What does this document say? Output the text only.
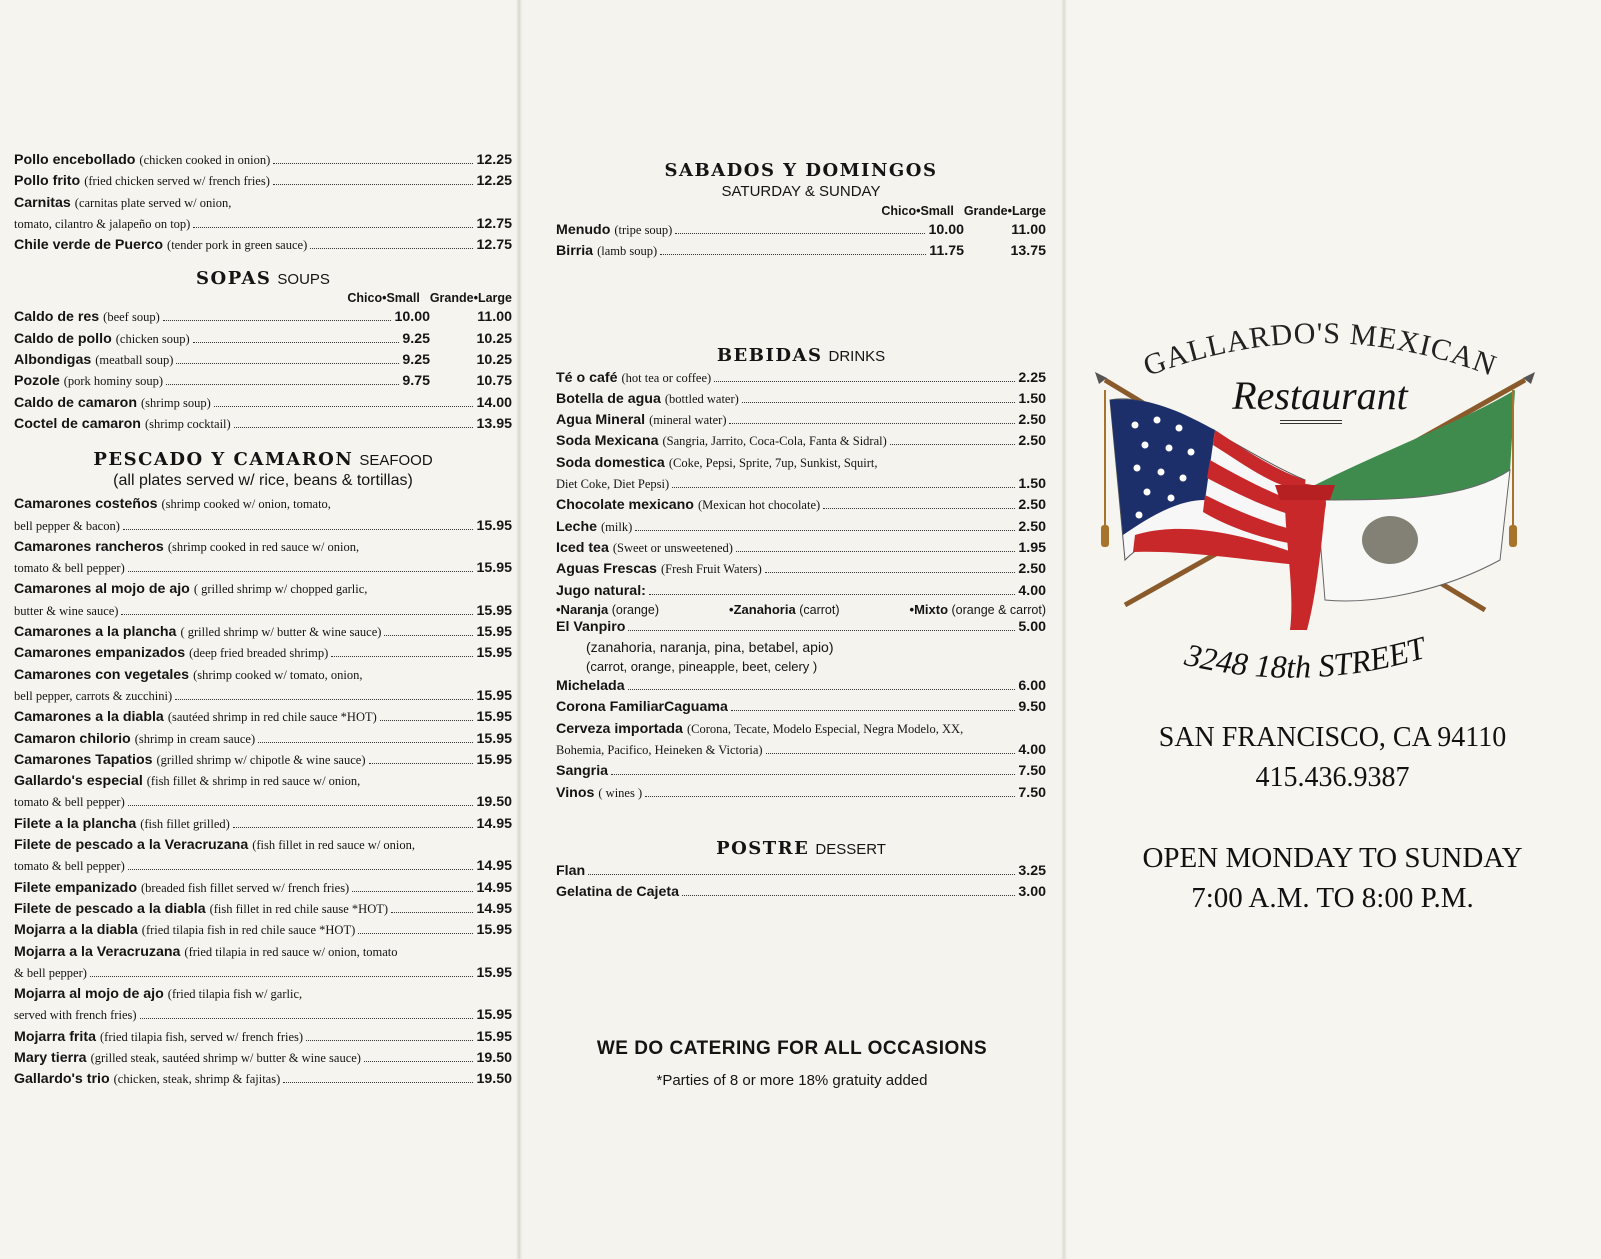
Pollo encebollado (chicken cooked in onion)	12.25
Pollo frito (fried chicken served w/ french fries)	12.25
Carnitas (carnitas plate served w/ onion,
tomato, cilantro & jalapeño on top)	12.75
Chile verde de Puerco (tender pork in green sauce)	12.75
SOPAS SOUPS
Chico•Small Grande•Large
Caldo de res (beef soup)	10.00	11.00
Caldo de pollo (chicken soup)	9.25	10.25
Albondigas (meatball soup)	9.25	10.25
Pozole (pork hominy soup)	9.75	10.75
Caldo de camaron (shrimp soup)	14.00
Coctel de camaron (shrimp cocktail)	13.95
PESCADO Y CAMARON SEAFOOD
(all plates served w/ rice, beans & tortillas)
Camarones costeños (shrimp cooked w/ onion, tomato,
bell pepper & bacon)	15.95
Camarones rancheros (shrimp cooked in red sauce w/ onion,
tomato & bell pepper)	15.95
Camarones al mojo de ajo ( grilled shrimp w/ chopped garlic,
butter & wine sauce)	15.95
Camarones a la plancha ( grilled shrimp w/ butter & wine sauce)	15.95
Camarones empanizados (deep fried breaded shrimp)	15.95
Camarones con vegetales (shrimp cooked w/ tomato, onion,
bell pepper, carrots & zucchini)	15.95
Camarones a la diabla (sautéed shrimp in red chile sauce *HOT)	15.95
Camaron chilorio (shrimp in cream sauce)	15.95
Camarones Tapatios (grilled shrimp w/ chipotle & wine sauce)	15.95
Gallardo's especial (fish fillet & shrimp in red sauce w/ onion,
tomato & bell pepper)	19.50
Filete a la plancha (fish fillet grilled)	14.95
Filete de pescado a la Veracruzana (fish fillet in red sauce w/ onion,
tomato & bell pepper)	14.95
Filete empanizado (breaded fish fillet served w/ french fries)	14.95
Filete de pescado a la diabla (fish fillet in red chile sause *HOT)	14.95
Mojarra a la diabla (fried tilapia fish in red chile sauce *HOT)	15.95
Mojarra a la Veracruzana (fried tilapia in red sauce w/ onion, tomato
& bell pepper)	15.95
Mojarra al mojo de ajo (fried tilapia fish w/ garlic,
served with french fries)	15.95
Mojarra frita (fried tilapia fish, served w/ french fries)	15.95
Mary tierra (grilled steak, sautéed shrimp w/ butter & wine sauce)	19.50
Gallardo's trio (chicken, steak, shrimp & fajitas)	19.50
SABADOS Y DOMINGOS
SATURDAY & SUNDAY
Chico•Small Grande•Large
Menudo (tripe soup)	10.00	11.00
Birria (lamb soup)	11.75	13.75
BEBIDAS DRINKS
Té o café (hot tea or coffee)	2.25
Botella de agua (bottled water)	1.50
Agua Mineral (mineral water)	2.50
Soda Mexicana (Sangria, Jarrito, Coca-Cola, Fanta & Sidral)	2.50
Soda domestica (Coke, Pepsi, Sprite, 7up, Sunkist, Squirt,
Diet Coke, Diet Pepsi)	1.50
Chocolate mexicano (Mexican hot chocolate)	2.50
Leche (milk)	2.50
Iced tea (Sweet or unsweetened)	1.95
Aguas Frescas (Fresh Fruit Waters)	2.50
Jugo natural:	4.00
•Naranja (orange)	•Zanahoria (carrot)	•Mixto (orange & carrot)
El Vanpiro	5.00
(zanahoria, naranja, pina, betabel, apio)
(carrot, orange, pineapple, beet, celery )
Michelada	6.00
Corona FamiliarCaguama	9.50
Cerveza importada (Corona, Tecate, Modelo Especial, Negra Modelo, XX,
Bohemia, Pacifico, Heineken & Victoria)	4.00
Sangria	7.50
Vinos ( wines )	7.50
POSTRE DESSERT
Flan	3.25
Gelatina de Cajeta	3.00
WE DO CATERING FOR ALL OCCASIONS
*Parties of 8 or more 18% gratuity added
GALLARDO'S MEXICAN
Restaurant
3248 18th STREET
SAN FRANCISCO, CA 94110
415.436.9387
OPEN MONDAY TO SUNDAY
7:00 A.M. TO 8:00 P.M.
